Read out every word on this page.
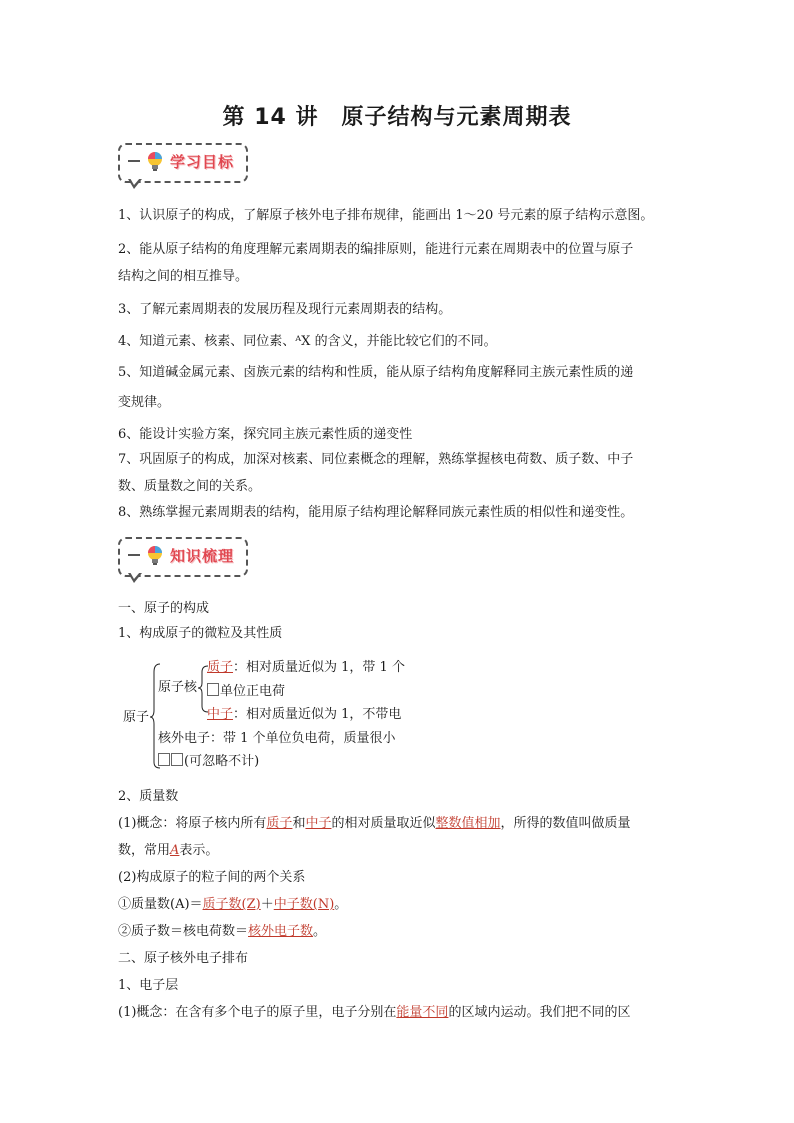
第 14 讲　原子结构与元素周期表
学习目标
1、认识原子的构成，了解原子核外电子排布规律，能画出 1～20 号元素的原子结构示意图。
2、能从原子结构的角度理解元素周期表的编排原则，能进行元素在周期表中的位置与原子
结构之间的相互推导。
3、了解元素周期表的发展历程及现行元素周期表的结构。
4、知道元素、核素、同位素、ᴬX 的含义，并能比较它们的不同。
5、知道碱金属元素、卤族元素的结构和性质，能从原子结构角度解释同主族元素性质的递
变规律。
6、能设计实验方案，探究同主族元素性质的递变性
7、巩固原子的构成，加深对核素、同位素概念的理解，熟练掌握核电荷数、质子数、中子
数、质量数之间的关系。
8、熟练掌握元素周期表的结构，能用原子结构理论解释同族元素性质的相似性和递变性。
知识梳理
一、原子的构成
1、构成原子的微粒及其性质
原子
原子核
质子：相对质量近似为 1，带 1 个
单位正电荷
中子：相对质量近似为 1，不带电
核外电子：带 1 个单位负电荷，质量很小
(可忽略不计)
2、质量数
(1)概念：将原子核内所有质子和中子的相对质量取近似整数值相加，所得的数值叫做质量
数，常用A表示。
(2)构成原子的粒子间的两个关系
①质量数(A)＝质子数(Z)＋中子数(N)。
②质子数＝核电荷数＝核外电子数。
二、原子核外电子排布
1、电子层
(1)概念：在含有多个电子的原子里，电子分别在能量不同的区域内运动。我们把不同的区
